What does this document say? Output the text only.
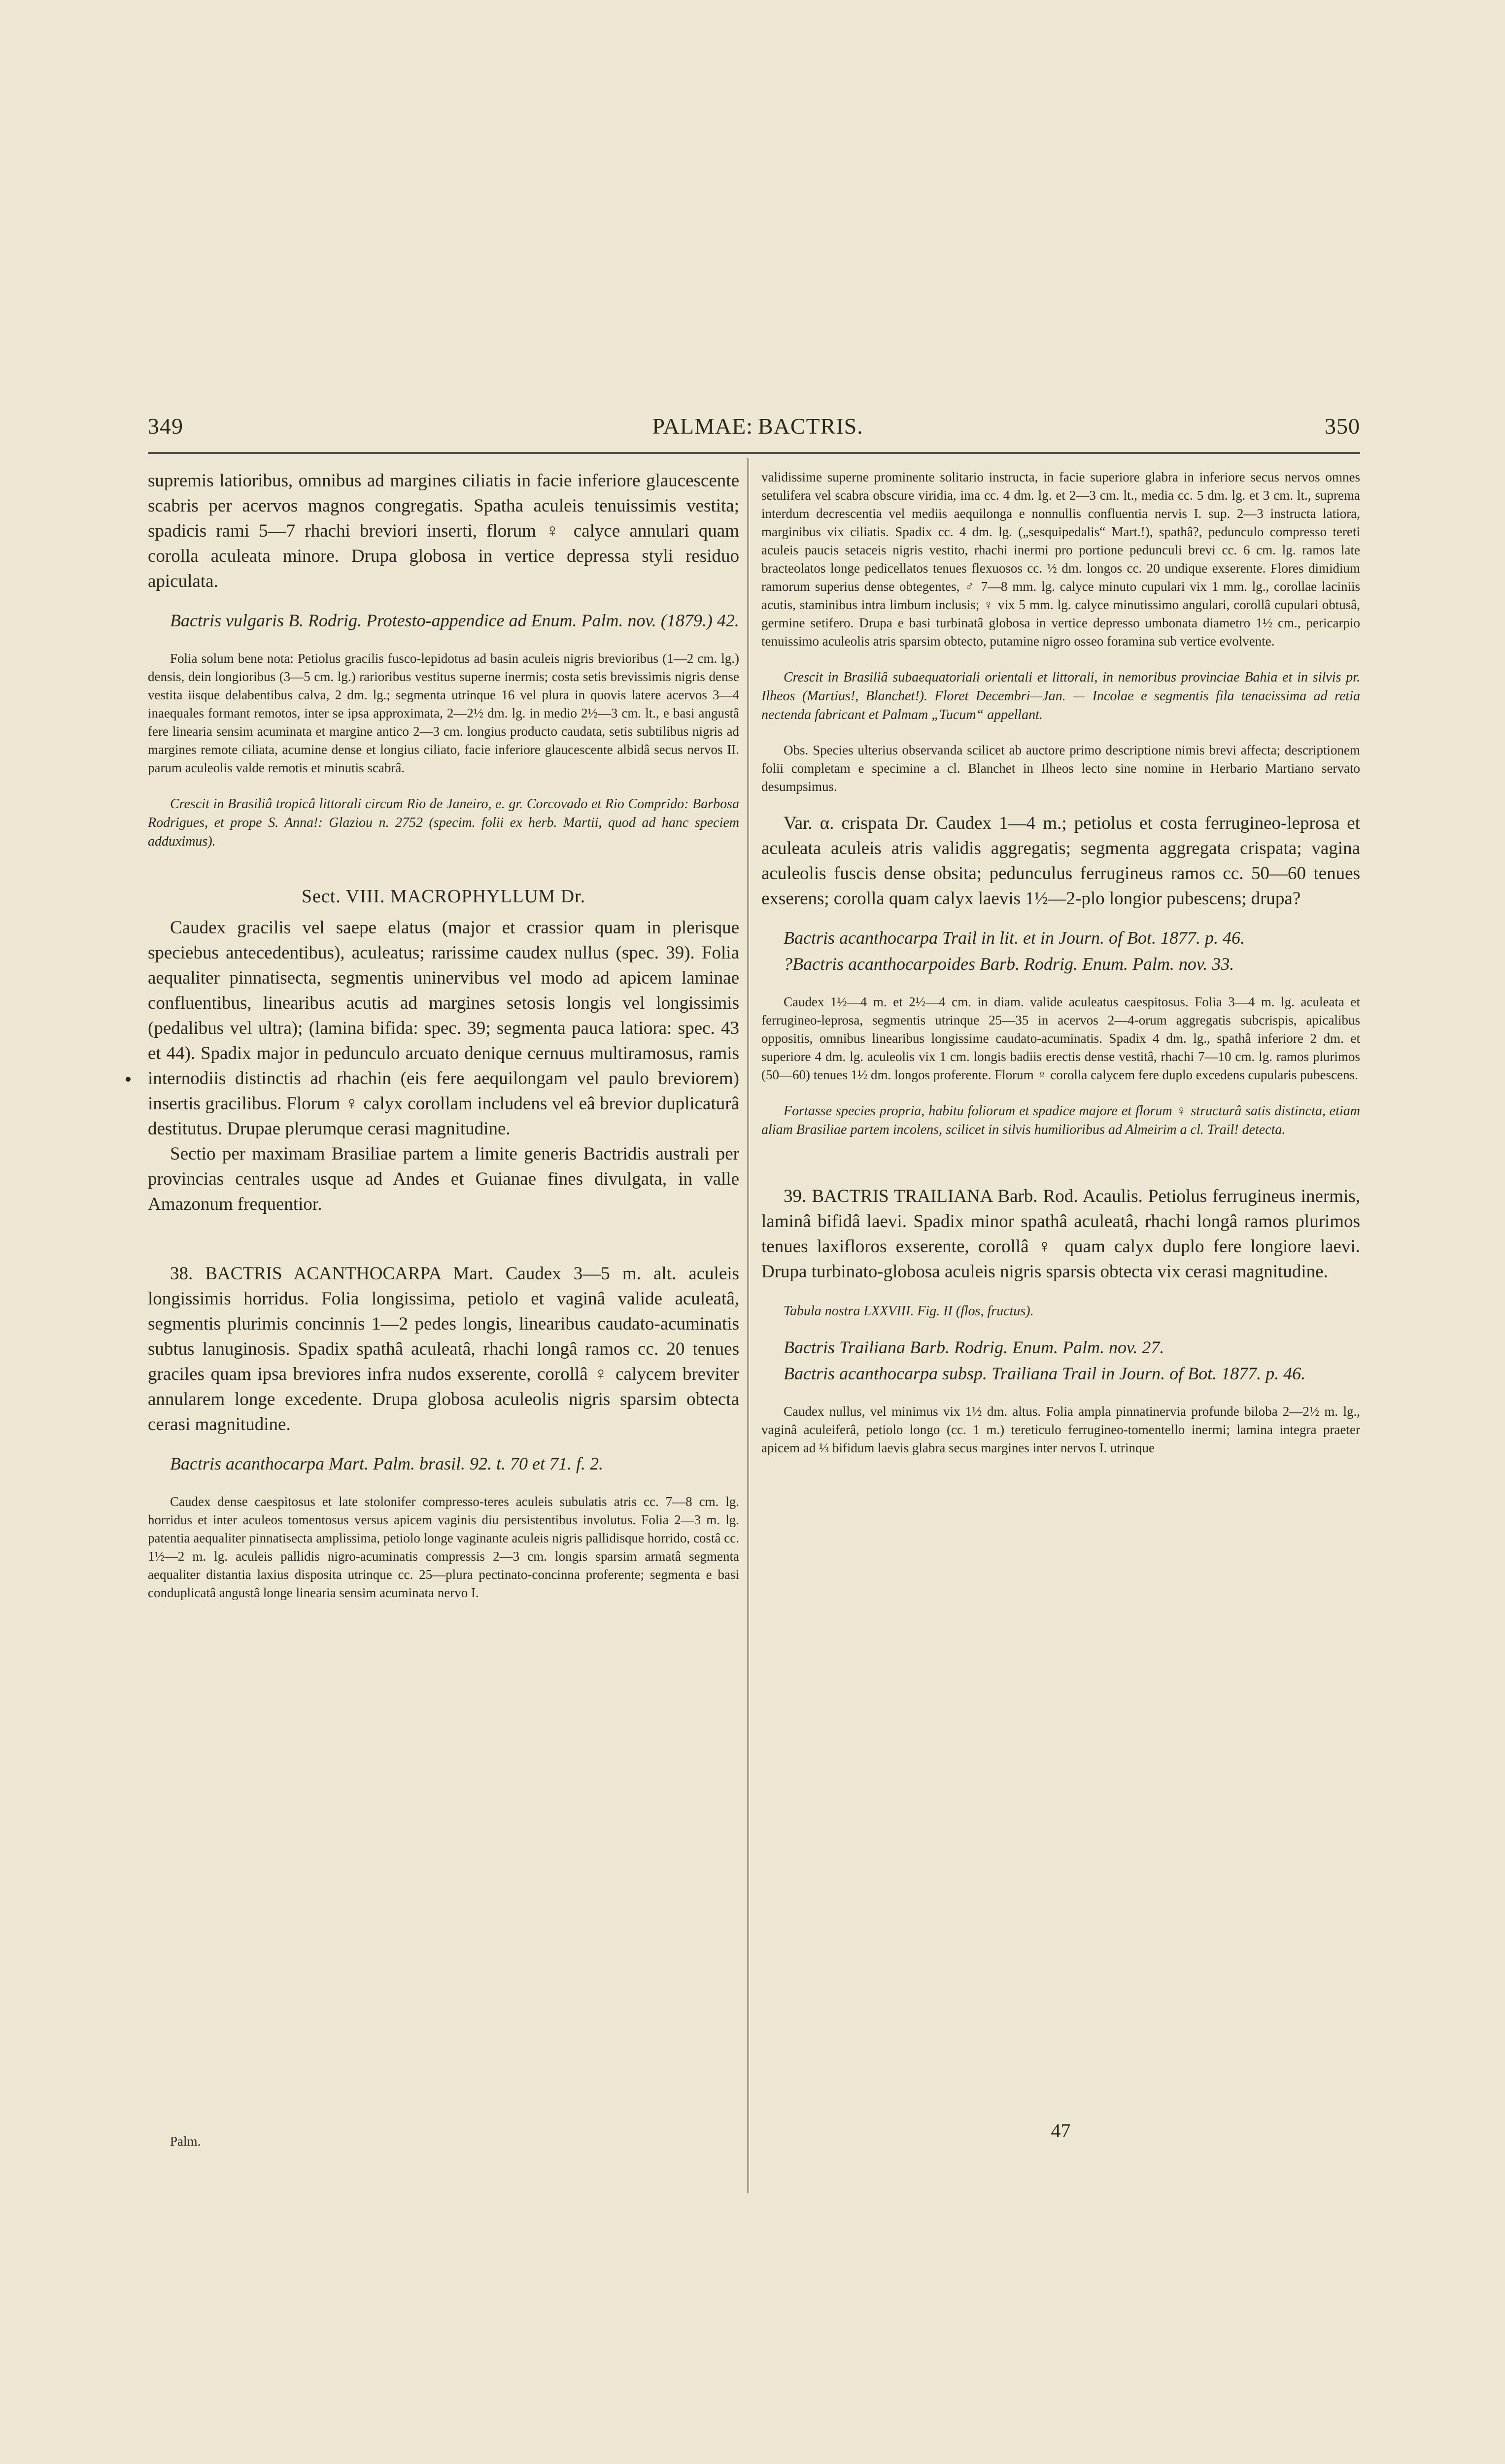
349	PALMAE: BACTRIS.	350

supremis latioribus, omnibus ad margines ciliatis in facie inferiore glaucescente scabris per acervos magnos congregatis. Spatha aculeis tenuissimis vestita; spadicis rami 5—7 rhachi breviori inserti, florum ♀ calyce annulari quam corolla aculeata minore. Drupa globosa in vertice depressa styli residuo apiculata.

Bactris vulgaris B. Rodrig. Protesto-appendice ad Enum. Palm. nov. (1879.) 42.

Folia solum bene nota: Petiolus gracilis fusco-lepidotus ad basin aculeis nigris brevioribus (1—2 cm. lg.) densis, dein longioribus (3—5 cm. lg.) rarioribus vestitus superne inermis; costa setis brevissimis nigris dense vestita iisque delabentibus calva, 2 dm. lg.; segmenta utrinque 16 vel plura in quovis latere acervos 3—4 inaequales formant remotos, inter se ipsa approximata, 2—2½ dm. lg. in medio 2½—3 cm. lt., e basi angustâ fere linearia sensim acuminata et margine antico 2—3 cm. longius producto caudata, setis subtilibus nigris ad margines remote ciliata, acumine dense et longius ciliato, facie inferiore glaucescente albidâ secus nervos II. parum aculeolis valde remotis et minutis scabrâ.

Crescit in Brasiliâ tropicâ littorali circum Rio de Janeiro, e. gr. Corcovado et Rio Comprido: Barbosa Rodrigues, et prope S. Anna!: Glaziou n. 2752 (specim. folii ex herb. Martii, quod ad hanc speciem adduximus).

Sect. VIII. MACROPHYLLUM Dr.

Caudex gracilis vel saepe elatus (major et crassior quam in plerisque speciebus antecedentibus), aculeatus; rarissime caudex nullus (spec. 39). Folia aequaliter pinnatisecta, segmentis uninervibus vel modo ad apicem laminae confluentibus, linearibus acutis ad margines setosis longis vel longissimis (pedalibus vel ultra); (lamina bifida: spec. 39; segmenta pauca latiora: spec. 43 et 44). Spadix major in pedunculo arcuato denique cernuus multiramosus, ramis internodiis distinctis ad rhachin (eis fere aequilongam vel paulo breviorem) insertis gracilibus. Florum ♀ calyx corollam includens vel eâ brevior duplicaturâ destitutus. Drupae plerumque cerasi magnitudine.

Sectio per maximam Brasiliae partem a limite generis Bactridis australi per provincias centrales usque ad Andes et Guianae fines divulgata, in valle Amazonum frequentior.

38. BACTRIS ACANTHOCARPA Mart. Caudex 3—5 m. alt. aculeis longissimis horridus. Folia longissima, petiolo et vaginâ valide aculeatâ, segmentis plurimis concinnis 1—2 pedes longis, linearibus caudato-acuminatis subtus lanuginosis. Spadix spathâ aculeatâ, rhachi longâ ramos cc. 20 tenues graciles quam ipsa breviores infra nudos exserente, corollâ ♀ calycem breviter annularem longe excedente. Drupa globosa aculeolis nigris sparsim obtecta cerasi magnitudine.

Bactris acanthocarpa Mart. Palm. brasil. 92. t. 70 et 71. f. 2.

Caudex dense caespitosus et late stolonifer compresso-teres aculeis subulatis atris cc. 7—8 cm. lg. horridus et inter aculeos tomentosus versus apicem vaginis diu persistentibus involutus. Folia 2—3 m. lg. patentia aequaliter pinnatisecta amplissima, petiolo longe vaginante aculeis nigris pallidisque horrido, costâ cc. 1½—2 m. lg. aculeis pallidis nigro-acuminatis compressis 2—3 cm. longis sparsim armatâ segmenta aequaliter distantia laxius disposita utrinque cc. 25—plura pectinato-concinna proferente; segmenta e basi conduplicatâ angustâ longe linearia sensim acuminata nervo I.

Palm.

validissime superne prominente solitario instructa, in facie superiore glabra in inferiore secus nervos omnes setulifera vel scabra obscure viridia, ima cc. 4 dm. lg. et 2—3 cm. lt., media cc. 5 dm. lg. et 3 cm. lt., suprema interdum decrescentia vel mediis aequilonga e nonnullis confluentia nervis I. sup. 2—3 instructa latiora, marginibus vix ciliatis. Spadix cc. 4 dm. lg. („sesquipedalis“ Mart.!), spathâ?, pedunculo compresso tereti aculeis paucis setaceis nigris vestito, rhachi inermi pro portione pedunculi brevi cc. 6 cm. lg. ramos late bracteolatos longe pedicellatos tenues flexuosos cc. ½ dm. longos cc. 20 undique exserente. Flores dimidium ramorum superius dense obtegentes, ♂ 7—8 mm. lg. calyce minuto cupulari vix 1 mm. lg., corollae laciniis acutis, staminibus intra limbum inclusis; ♀ vix 5 mm. lg. calyce minutissimo angulari, corollâ cupulari obtusâ, germine setifero. Drupa e basi turbinatâ globosa in vertice depresso umbonata diametro 1½ cm., pericarpio tenuissimo aculeolis atris sparsim obtecto, putamine nigro osseo foramina sub vertice evolvente.

Crescit in Brasiliâ subaequatoriali orientali et littorali, in nemoribus provinciae Bahia et in silvis pr. Ilheos (Martius!, Blanchet!). Floret Decembri—Jan. — Incolae e segmentis fila tenacissima ad retia nectenda fabricant et Palmam „Tucum“ appellant.

Obs. Species ulterius observanda scilicet ab auctore primo descriptione nimis brevi affecta; descriptionem folii completam e specimine a cl. Blanchet in Ilheos lecto sine nomine in Herbario Martiano servato desumpsimus.

Var. α. crispata Dr. Caudex 1—4 m.; petiolus et costa ferrugineo-leprosa et aculeata aculeis atris validis aggregatis; segmenta aggregata crispata; vagina aculeolis fuscis dense obsita; pedunculus ferrugineus ramos cc. 50—60 tenues exserens; corolla quam calyx laevis 1½—2-plo longior pubescens; drupa?

Bactris acanthocarpa Trail in lit. et in Journ. of Bot. 1877. p. 46.

?Bactris acanthocarpoides Barb. Rodrig. Enum. Palm. nov. 33.

Caudex 1½—4 m. et 2½—4 cm. in diam. valide aculeatus caespitosus. Folia 3—4 m. lg. aculeata et ferrugineo-leprosa, segmentis utrinque 25—35 in acervos 2—4-orum aggregatis subcrispis, apicalibus oppositis, omnibus linearibus longissime caudato-acuminatis. Spadix 4 dm. lg., spathâ inferiore 2 dm. et superiore 4 dm. lg. aculeolis vix 1 cm. longis badiis erectis dense vestitâ, rhachi 7—10 cm. lg. ramos plurimos (50—60) tenues 1½ dm. longos proferente. Florum ♀ corolla calycem fere duplo excedens cupularis pubescens.

Fortasse species propria, habitu foliorum et spadice majore et florum ♀ structurâ satis distincta, etiam aliam Brasiliae partem incolens, scilicet in silvis humilioribus ad Almeirim a cl. Trail! detecta.

39. BACTRIS TRAILIANA Barb. Rod. Acaulis. Petiolus ferrugineus inermis, laminâ bifidâ laevi. Spadix minor spathâ aculeatâ, rhachi longâ ramos plurimos tenues laxifloros exserente, corollâ ♀ quam calyx duplo fere longiore laevi. Drupa turbinato-globosa aculeis nigris sparsis obtecta vix cerasi magnitudine.

Tabula nostra LXXVIII. Fig. II (flos, fructus).

Bactris Trailiana Barb. Rodrig. Enum. Palm. nov. 27.

Bactris acanthocarpa subsp. Trailiana Trail in Journ. of Bot. 1877. p. 46.

Caudex nullus, vel minimus vix 1½ dm. altus. Folia ampla pinnatinervia profunde biloba 2—2½ m. lg., vaginâ aculeiferâ, petiolo longo (cc. 1 m.) tereticulo ferrugineo-tomentello inermi; lamina integra praeter apicem ad ⅓ bifidum laevis glabra secus margines inter nervos I. utrinque

47
